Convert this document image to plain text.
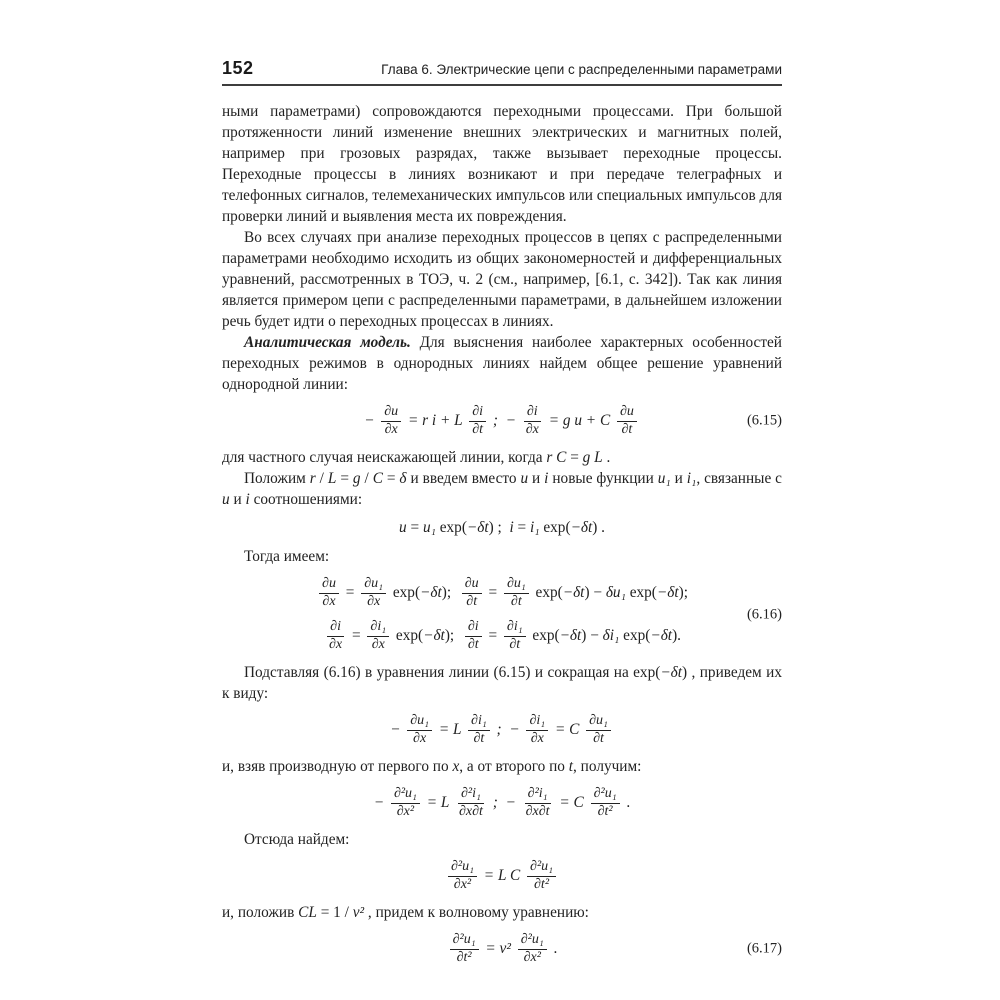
152	Глава 6. Электрические цепи с распределенными параметрами

ными параметрами) сопровождаются переходными процессами. При большой протяженности линий изменение внешних электрических и магнитных полей, например при грозовых разрядах, также вызывает переходные процессы. Переходные процессы в линиях возникают и при передаче телеграфных и телефонных сигналов, телемеханических импульсов или специальных импульсов для проверки линий и выявления места их повреждения.

Во всех случаях при анализе переходных процессов в цепях с распределенными параметрами необходимо исходить из общих закономерностей и дифференциальных уравнений, рассмотренных в ТОЭ, ч. 2 (см., например, [6.1, с. 342]). Так как линия является примером цепи с распределенными параметрами, в дальнейшем изложении речь будет идти о переходных процессах в линиях.

Аналитическая модель. Для выяснения наиболее характерных особенностей переходных режимов в однородных линиях найдем общее решение уравнений однородной линии:

− $\frac{\partial u}{\partial x} = r$ i + L $\frac{\partial i}{\partial t}$ ;  − $\frac{\partial i}{\partial x} = g$ u + C $\frac{\partial u}{\partial t}$	(6.15)

для частного случая неискажающей линии, когда r C = g L .

Положим r / L = g / C = δ и введем вместо u и i новые функции u₁ и i₁, связанные с u и i соотношениями:

u = u₁ exp( −δt ) ; i = i₁ exp( −δt ) .

Тогда имеем:

$\frac{\partial u}{\partial x} = \frac{\text{∂u₁}}{\partial x} \exp( -\delta t$ ); $\frac{\partial u}{\partial t} = \frac{\text{∂u₁}}{\partial t} \exp( -\delta t$ ) − δu₁ exp( −δt );
$\frac{\partial i}{\partial x} = \frac{\text{∂i₁}}{\partial x} \exp( -\delta t$ ); $\frac{\partial i}{\partial t} = \frac{\text{∂i₁}}{\partial t} \exp( -\delta t$ ) − δi₁ exp( −δt ).
(6.16)

Подставляя (6.16) в уравнения линии (6.15) и сокращая на exp(−δt) , приведем их к виду:

− $\frac{\text{∂u₁}}{\partial x} = L \frac{\text{∂i₁}}{\partial t}$ ;  − $\frac{\text{∂i₁}}{\partial x} = C \frac{\text{∂u₁}}{\partial t}$

и, взяв производную от первого по x, а от второго по t, получим:

− $\frac{\text{∂²u₁}}{\text{∂x²}} = L \frac{\text{∂²i₁}}{\partial x\partial t}$ ;  − $\frac{\text{∂²i₁}}{\partial x\partial t} = C \frac{\text{∂²u₁}}{\text{∂t²}}$ .

Отсюда найдем:

$\frac{\text{∂²u₁}}{\text{∂x²}} = L$ C $\frac{\text{∂²u₁}}{\text{∂t²}}$

и, положив CL = 1 / v² , придем к волновому уравнению:

$\frac{\text{∂²u₁}}{\text{∂t²}} = v^2 \frac{\text{∂²u₁}}{\text{∂x²}}$ .	(6.17)
